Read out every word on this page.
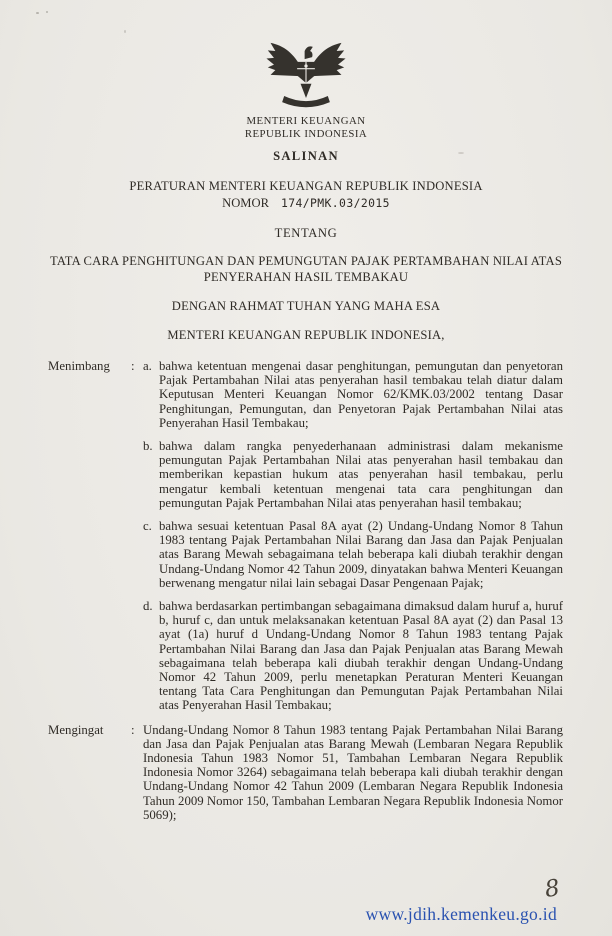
MENTERI KEUANGAN
REPUBLIK INDONESIA
SALINAN
PERATURAN MENTERI KEUANGAN REPUBLIK INDONESIA
NOMOR 174/PMK.03/2015
TENTANG
TATA CARA PENGHITUNGAN DAN PEMUNGUTAN PAJAK PERTAMBAHAN NILAI ATAS PENYERAHAN HASIL TEMBAKAU
DENGAN RAHMAT TUHAN YANG MAHA ESA
MENTERI KEUANGAN REPUBLIK INDONESIA,
Menimbang	: a. bahwa ketentuan mengenai dasar penghitungan, pemungutan dan penyetoran Pajak Pertambahan Nilai atas penyerahan hasil tembakau telah diatur dalam Keputusan Menteri Keuangan Nomor 62/KMK.03/2002 tentang Dasar Penghitungan, Pemungutan, dan Penyetoran Pajak Pertambahan Nilai atas Penyerahan Hasil Tembakau;
b. bahwa dalam rangka penyederhanaan administrasi dalam mekanisme pemungutan Pajak Pertambahan Nilai atas penyerahan hasil tembakau dan memberikan kepastian hukum atas penyerahan hasil tembakau, perlu mengatur kembali ketentuan mengenai tata cara penghitungan dan pemungutan Pajak Pertambahan Nilai atas penyerahan hasil tembakau;
c. bahwa sesuai ketentuan Pasal 8A ayat (2) Undang-Undang Nomor 8 Tahun 1983 tentang Pajak Pertambahan Nilai Barang dan Jasa dan Pajak Penjualan atas Barang Mewah sebagaimana telah beberapa kali diubah terakhir dengan Undang-Undang Nomor 42 Tahun 2009, dinyatakan bahwa Menteri Keuangan berwenang mengatur nilai lain sebagai Dasar Pengenaan Pajak;
d. bahwa berdasarkan pertimbangan sebagaimana dimaksud dalam huruf a, huruf b, huruf c, dan untuk melaksanakan ketentuan Pasal 8A ayat (2) dan Pasal 13 ayat (1a) huruf d Undang-Undang Nomor 8 Tahun 1983 tentang Pajak Pertambahan Nilai Barang dan Jasa dan Pajak Penjualan atas Barang Mewah sebagaimana telah beberapa kali diubah terakhir dengan Undang-Undang Nomor 42 Tahun 2009, perlu menetapkan Peraturan Menteri Keuangan tentang Tata Cara Penghitungan dan Pemungutan Pajak Pertambahan Nilai atas Penyerahan Hasil Tembakau;
Mengingat	: Undang-Undang Nomor 8 Tahun 1983 tentang Pajak Pertambahan Nilai Barang dan Jasa dan Pajak Penjualan atas Barang Mewah (Lembaran Negara Republik Indonesia Tahun 1983 Nomor 51, Tambahan Lembaran Negara Republik Indonesia Nomor 3264) sebagaimana telah beberapa kali diubah terakhir dengan Undang-Undang Nomor 42 Tahun 2009 (Lembaran Negara Republik Indonesia Tahun 2009 Nomor 150, Tambahan Lembaran Negara Republik Indonesia Nomor 5069);
8
www.jdih.kemenkeu.go.id
